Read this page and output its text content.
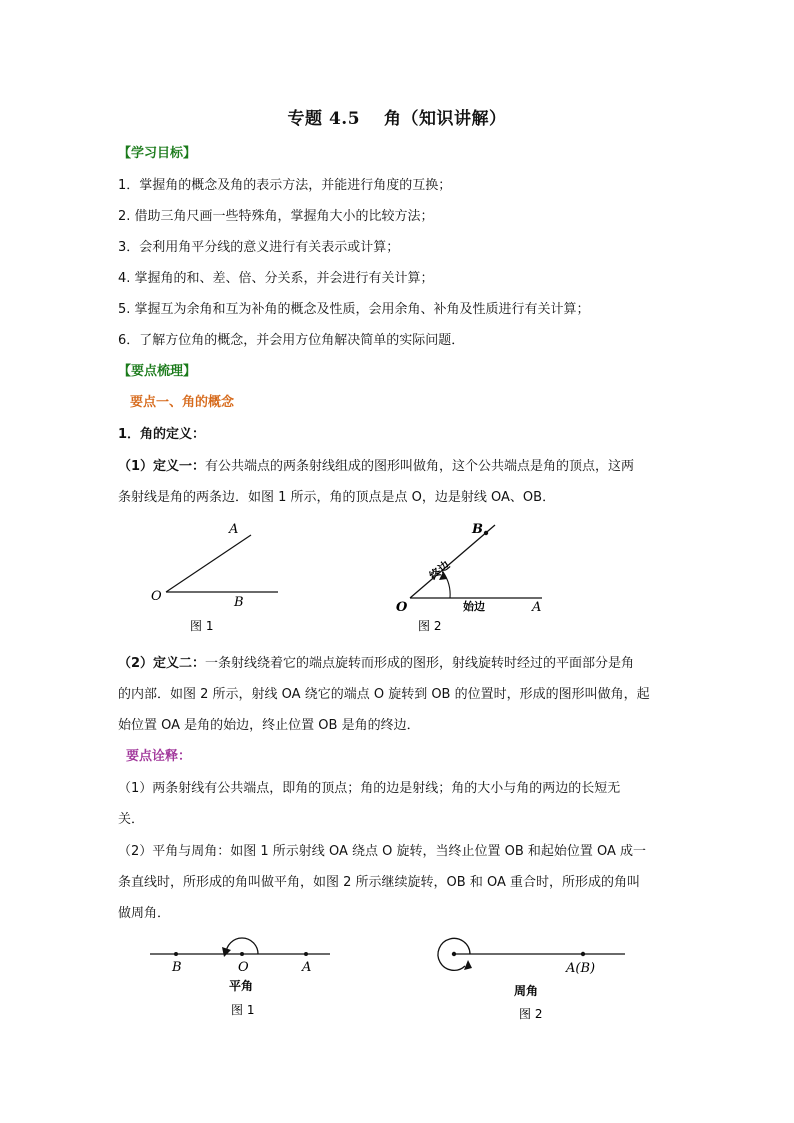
专题 4.5　 角（知识讲解）
【学习目标】
1．掌握角的概念及角的表示方法，并能进行角度的互换；
2. 借助三角尺画一些特殊角，掌握角大小的比较方法；
3．会利用角平分线的意义进行有关表示或计算；
4. 掌握角的和、差、倍、分关系，并会进行有关计算；
5. 掌握互为余角和互为补角的概念及性质，会用余角、补角及性质进行有关计算；
6．了解方位角的概念，并会用方位角解决简单的实际问题．
【要点梳理】
要点一、角的概念
1．角的定义：
（1）定义一：有公共端点的两条射线组成的图形叫做角，这个公共端点是角的顶点，这两
条射线是角的两条边．如图 1 所示，角的顶点是点 O，边是射线 OA、OB．
A
O	B
图 1
B
O	A
终边
始边
图 2
（2）定义二：一条射线绕着它的端点旋转而形成的图形，射线旋转时经过的平面部分是角
的内部．如图 2 所示，射线 OA 绕它的端点 O 旋转到 OB 的位置时，形成的图形叫做角，起
始位置 OA 是角的始边，终止位置 OB 是角的终边．
要点诠释：
（1）两条射线有公共端点，即角的顶点；角的边是射线；角的大小与角的两边的长短无
关．
（2）平角与周角：如图 1 所示射线 OA 绕点 O 旋转，当终止位置 OB 和起始位置 OA 成一
条直线时，所形成的角叫做平角，如图 2 所示继续旋转，OB 和 OA 重合时，所形成的角叫
做周角．
B	O	A
平角
图 1
A(B)
周角
图 2
